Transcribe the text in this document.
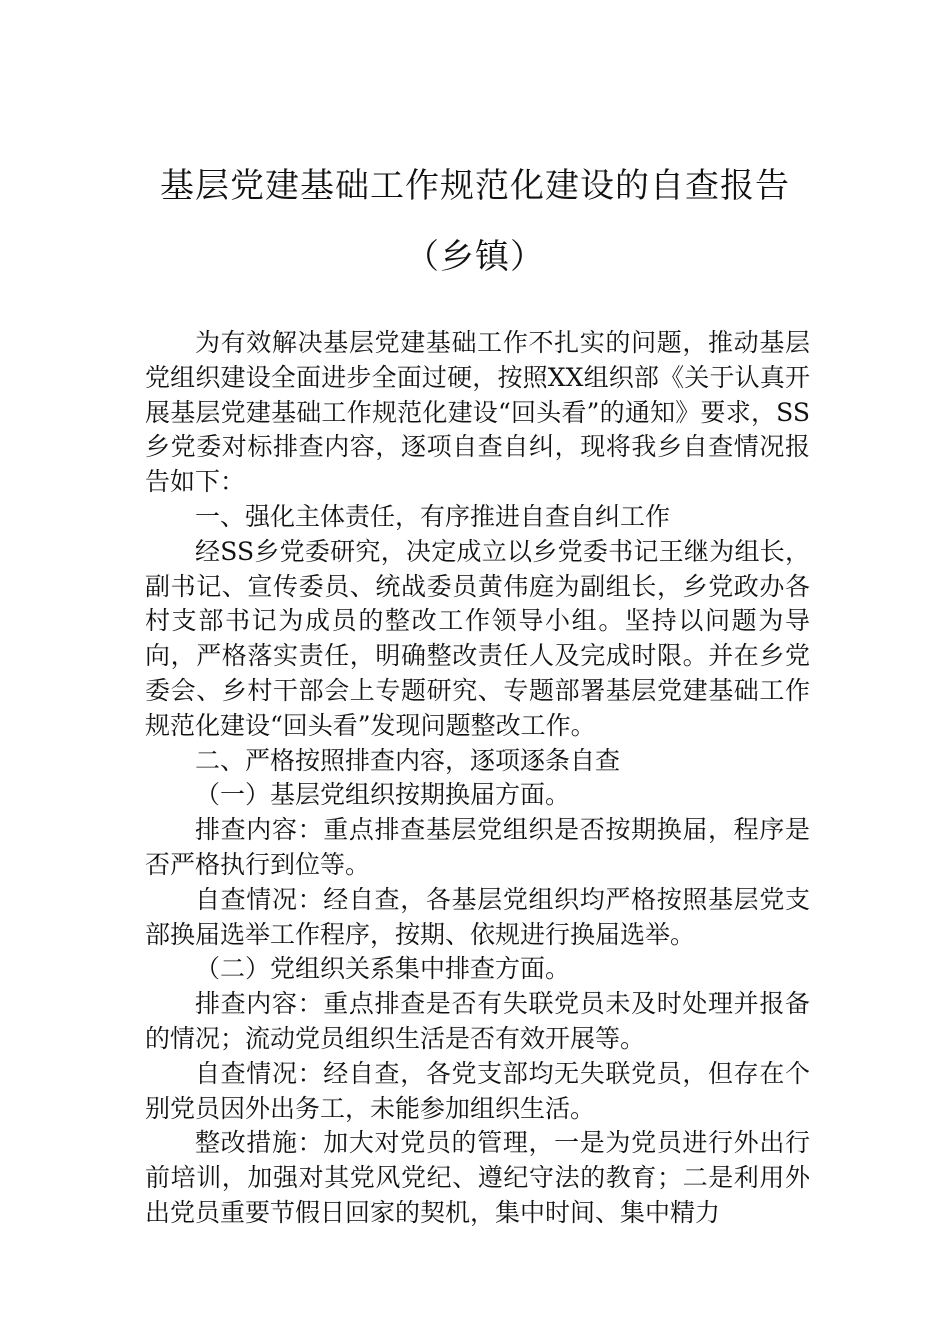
基层党建基础工作规范化建设的自查报告
（乡镇）

为有效解决基层党建基础工作不扎实的问题，推动基层党组织建设全面进步全面过硬，按照XX组织部《关于认真开展基层党建基础工作规范化建设“回头看”的通知》要求，SS乡党委对标排查内容，逐项自查自纠，现将我乡自查情况报告如下：

一、强化主体责任，有序推进自查自纠工作

经SS乡党委研究，决定成立以乡党委书记王继为组长，副书记、宣传委员、统战委员黄伟庭为副组长，乡党政办各村支部书记为成员的整改工作领导小组。坚持以问题为导向，严格落实责任，明确整改责任人及完成时限。并在乡党委会、乡村干部会上专题研究、专题部署基层党建基础工作规范化建设“回头看”发现问题整改工作。

二、严格按照排查内容，逐项逐条自查

（一）基层党组织按期换届方面。

排查内容：重点排查基层党组织是否按期换届，程序是否严格执行到位等。

自查情况：经自查，各基层党组织均严格按照基层党支部换届选举工作程序，按期、依规进行换届选举。

（二）党组织关系集中排查方面。

排查内容：重点排查是否有失联党员未及时处理并报备的情况；流动党员组织生活是否有效开展等。

自查情况：经自查，各党支部均无失联党员，但存在个别党员因外出务工，未能参加组织生活。

整改措施：加大对党员的管理，一是为党员进行外出行前培训，加强对其党风党纪、遵纪守法的教育；二是利用外出党员重要节假日回家的契机，集中时间、集中精力
